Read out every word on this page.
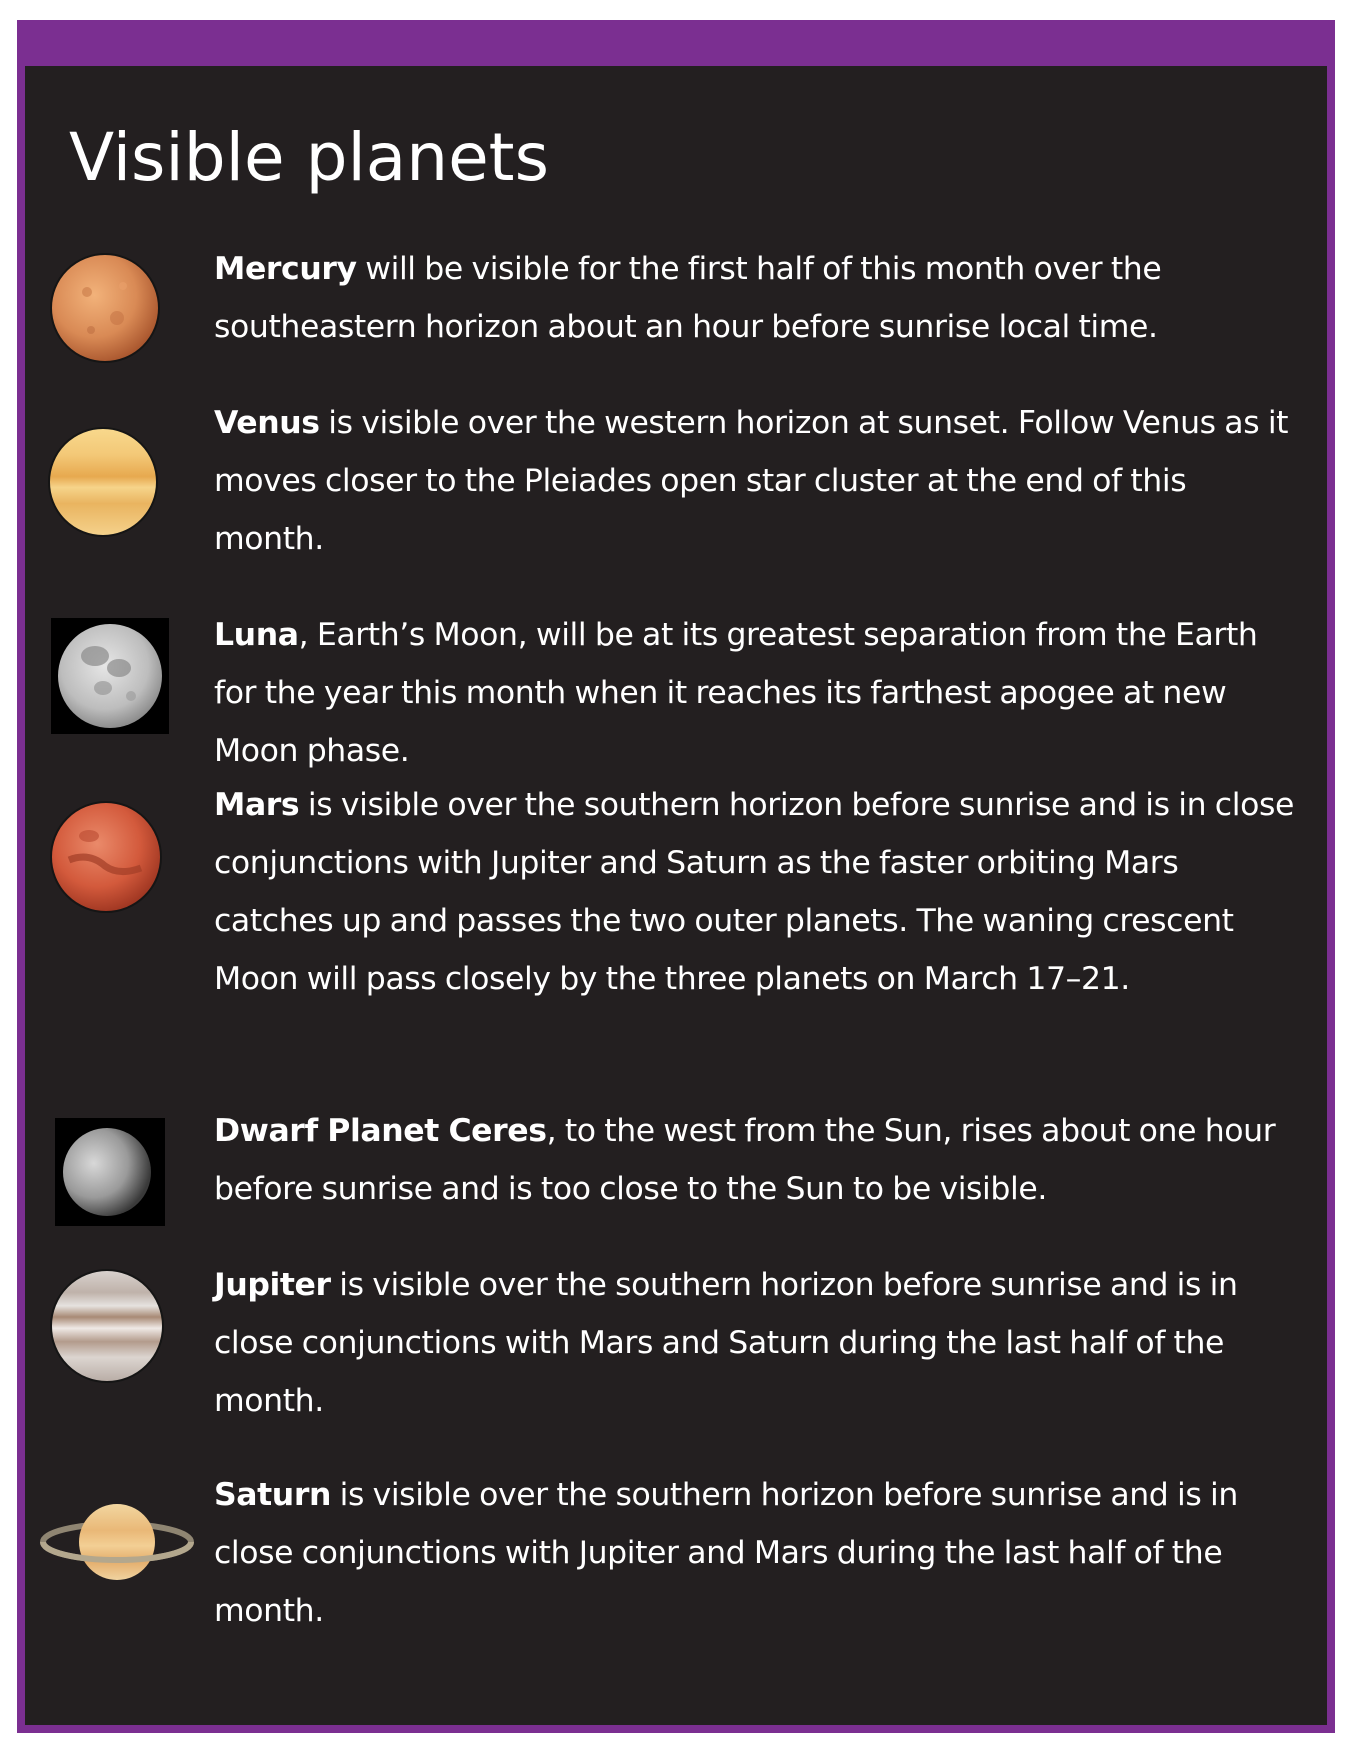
Visible planets

Mercury will be visible for the first half of this month over the southeastern horizon about an hour before sunrise local time.

Venus is visible over the western horizon at sunset. Follow Venus as it moves closer to the Pleiades open star cluster at the end of this month.

Luna, Earth’s Moon, will be at its greatest separation from the Earth for the year this month when it reaches its farthest apogee at new Moon phase.

Mars is visible over the southern horizon before sunrise and is in close conjunctions with Jupiter and Saturn as the faster orbiting Mars catches up and passes the two outer planets. The waning crescent Moon will pass closely by the three planets on March 17–21.

Dwarf Planet Ceres, to the west from the Sun, rises about one hour before sunrise and is too close to the Sun to be visible.

Jupiter is visible over the southern horizon before sunrise and is in close conjunctions with Mars and Saturn during the last half of the month.

Saturn is visible over the southern horizon before sunrise and is in close conjunctions with Jupiter and Mars during the last half of the month.
